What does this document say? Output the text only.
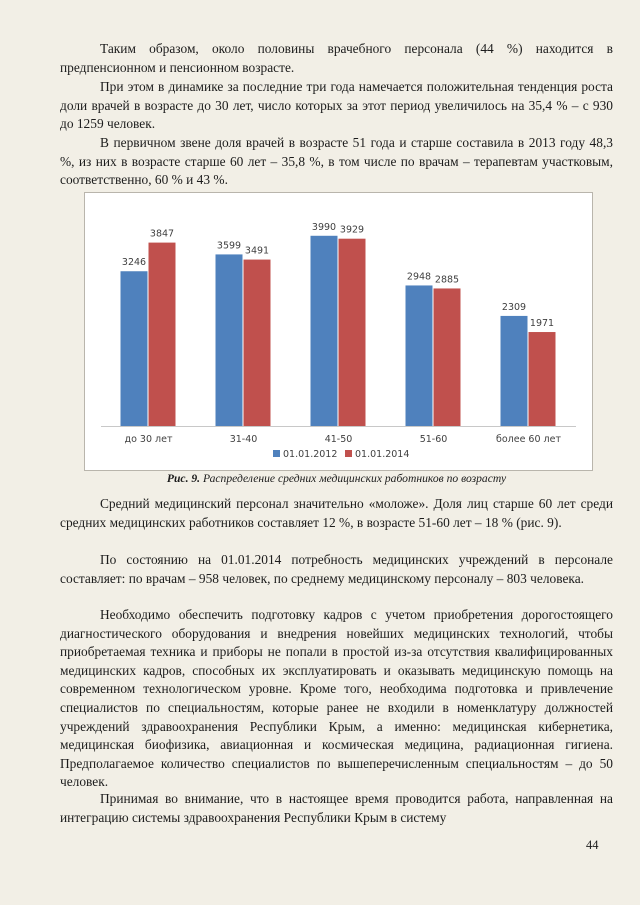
Таким образом, около половины врачебного персонала (44 %) находится в предпенсионном и пенсионном возрасте.

При этом в динамике за последние три года намечается положительная тенденция роста доли врачей в возрасте до 30 лет, число которых за этот период увеличилось на 35,4 % – с 930 до 1259 человек.

В первичном звене доля врачей в возрасте 51 года и старше составила в 2013 году 48,3 %, из них в возрасте старше 60 лет – 35,8 %, в том числе по врачам – терапевтам участковым, соответственно, 60 % и 43 %.

3246
3847
до 30 лет
3599 3491
31-40
3990 3929
41-50
2948 2885
51-60
2309
1971
более 60 лет
01.01.2012 01.01.2014

Рис. 9. Распределение средних медицинских работников по возрасту

Средний медицинский персонал значительно «моложе». Доля лиц старше 60 лет среди средних медицинских работников составляет 12 %, в возрасте 51-60 лет – 18 % (рис. 9).

По состоянию на 01.01.2014 потребность медицинских учреждений в персонале составляет: по врачам – 958 человек, по среднему медицинскому персоналу – 803 человека.

Необходимо обеспечить подготовку кадров с учетом приобретения дорогостоящего диагностического оборудования и внедрения новейших медицинских технологий, чтобы приобретаемая техника и приборы не попали в простой из-за отсутствия квалифицированных медицинских кадров, способных их эксплуатировать и оказывать медицинскую помощь на современном технологическом уровне. Кроме того, необходима подготовка и привлечение специалистов по специальностям, которые ранее не входили в номенклатуру должностей учреждений здравоохранения Республики Крым, а именно: медицинская кибернетика, медицинская биофизика, авиационная и космическая медицина, радиационная гигиена. Предполагаемое количество специалистов по вышеперечисленным специальностям – до 50 человек.

Принимая во внимание, что в настоящее время проводится работа, направленная на интеграцию системы здравоохранения Республики Крым в систему

44
